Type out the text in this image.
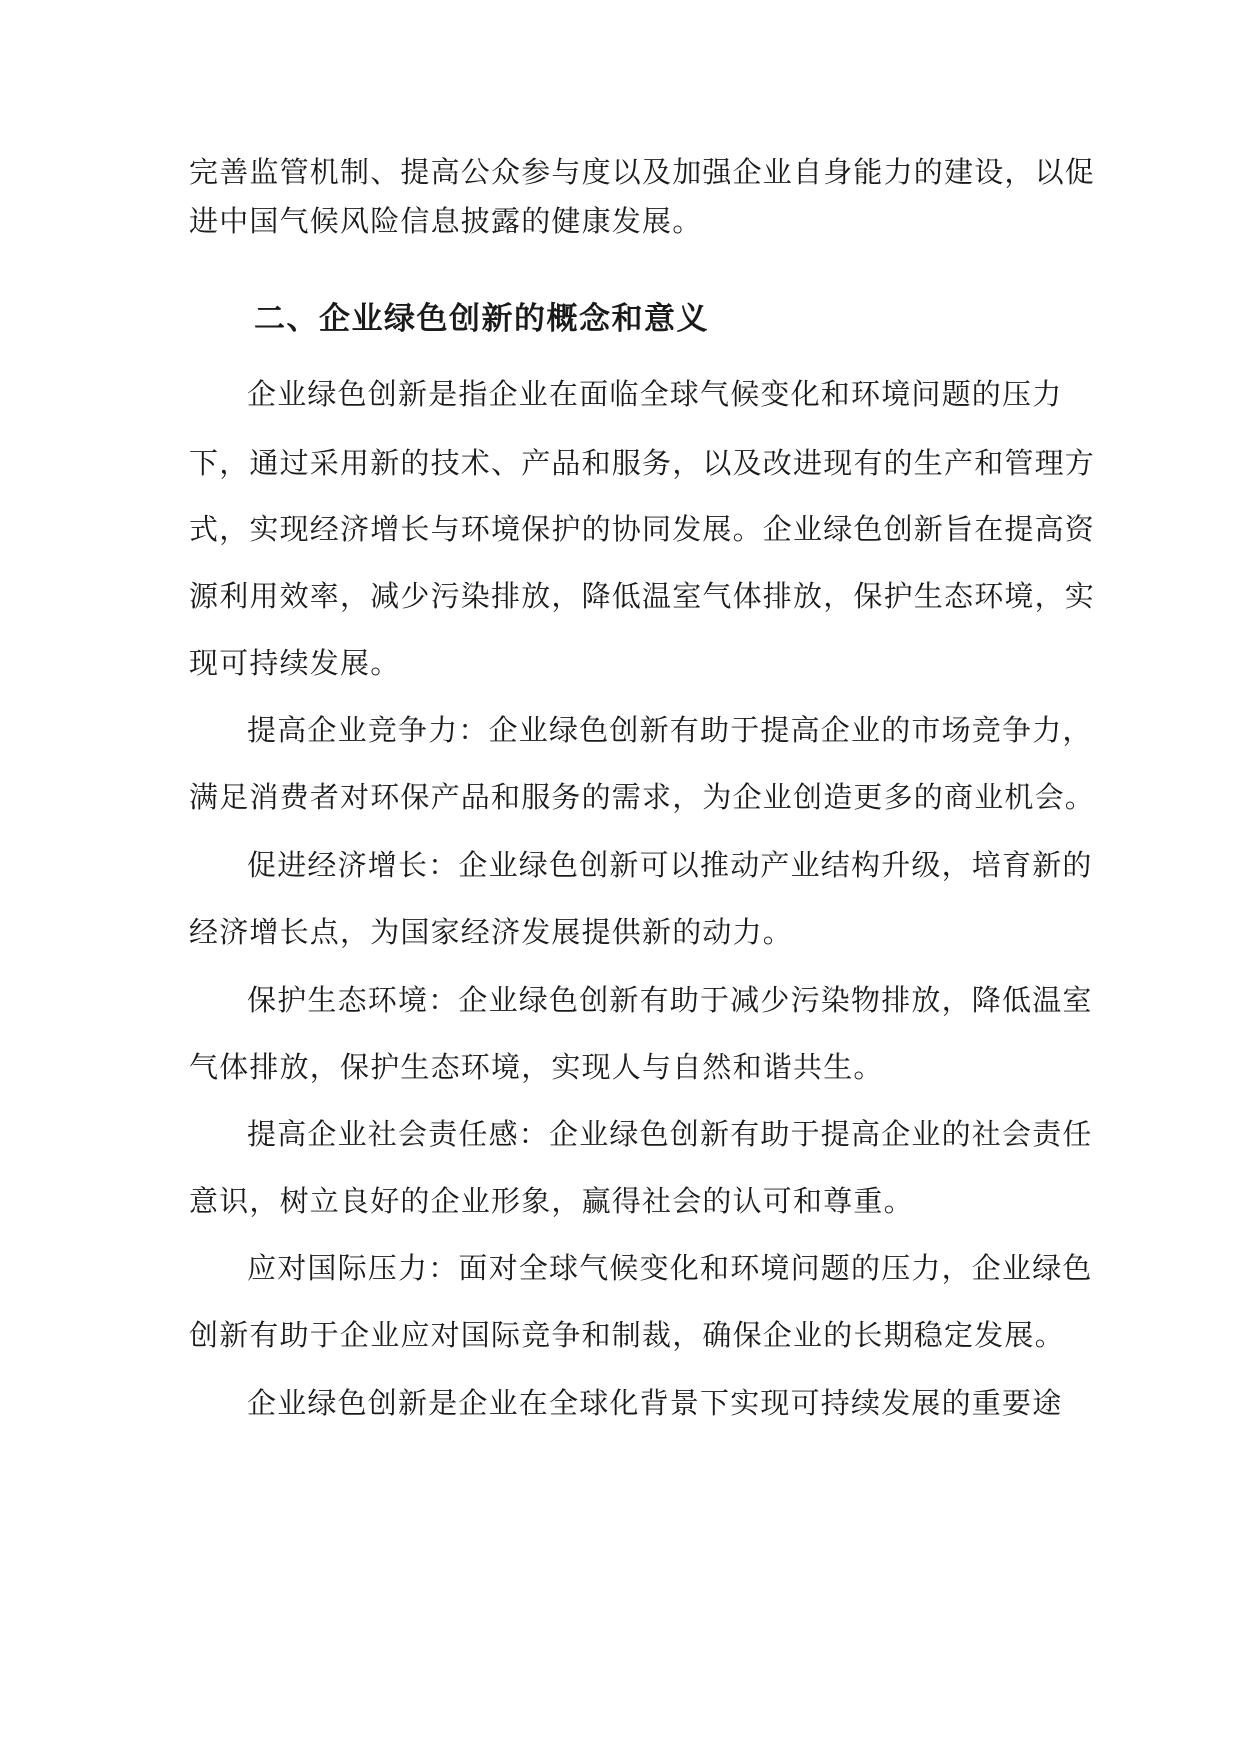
完善监管机制、提高公众参与度以及加强企业自身能力的建设，以促
进中国气候风险信息披露的健康发展。
二、企业绿色创新的概念和意义
企业绿色创新是指企业在面临全球气候变化和环境问题的压力
下，通过采用新的技术、产品和服务，以及改进现有的生产和管理方
式，实现经济增长与环境保护的协同发展。企业绿色创新旨在提高资
源利用效率，减少污染排放，降低温室气体排放，保护生态环境，实
现可持续发展。
提高企业竞争力：企业绿色创新有助于提高企业的市场竞争力，
满足消费者对环保产品和服务的需求，为企业创造更多的商业机会。
促进经济增长：企业绿色创新可以推动产业结构升级，培育新的
经济增长点，为国家经济发展提供新的动力。
保护生态环境：企业绿色创新有助于减少污染物排放，降低温室
气体排放，保护生态环境，实现人与自然和谐共生。
提高企业社会责任感：企业绿色创新有助于提高企业的社会责任
意识，树立良好的企业形象，赢得社会的认可和尊重。
应对国际压力：面对全球气候变化和环境问题的压力，企业绿色
创新有助于企业应对国际竞争和制裁，确保企业的长期稳定发展。
企业绿色创新是企业在全球化背景下实现可持续发展的重要途
